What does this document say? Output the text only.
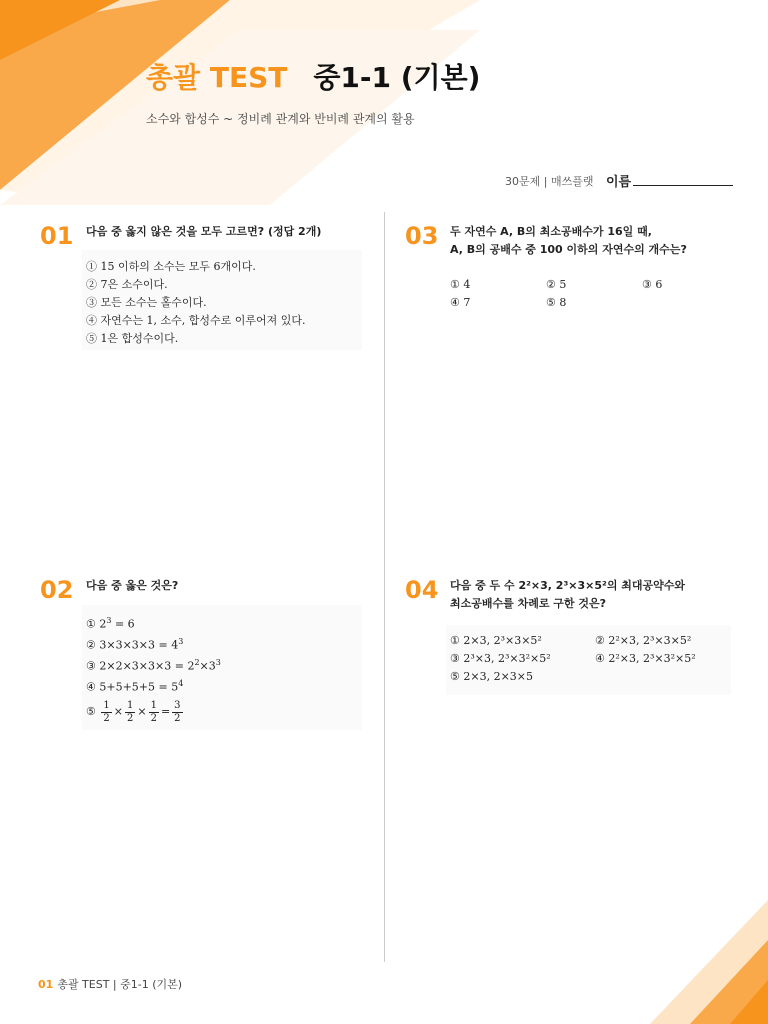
총괄 TEST 중1-1 (기본)
소수와 합성수 ~ 정비례 관계와 반비례 관계의 활용
30문제 | 매쓰플랫 이름
01 다음 중 옳지 않은 것을 모두 고르면? (정답 2개)
① 15 이하의 소수는 모두 6개이다.
② 7은 소수이다.
③ 모든 소수는 홀수이다.
④ 자연수는 1, 소수, 합성수로 이루어져 있다.
⑤ 1은 합성수이다.
03 두 자연수 A, B의 최소공배수가 16일 때,
A, B의 공배수 중 100 이하의 자연수의 개수는?
① 4	② 5	③ 6
④ 7	⑤ 8
02 다음 중 옳은 것은?
① $2^3 = 6$
② $3\times 3\times 3\times 3 = 4^3$
③ $2\times 2\times 3\times 3\times 3 = 2^2\times 3^3$
④ $5+5+5+5 = 5^4$
⑤ $\frac{1}{2} \times \frac{1}{2} \times \frac{1}{2} = \frac{3}{2}$
04 다음 중 두 수 2²×3, 2³×3×5²의 최대공약수와
최소공배수를 차례로 구한 것은?
① 2×3, 2³×3×5²	② 2²×3, 2³×3×5²
③ 2³×3, 2³×3²×5²	④ 2²×3, 2³×3²×5²
⑤ 2×3, 2×3×5
01 총괄 TEST | 중1-1 (기본)
